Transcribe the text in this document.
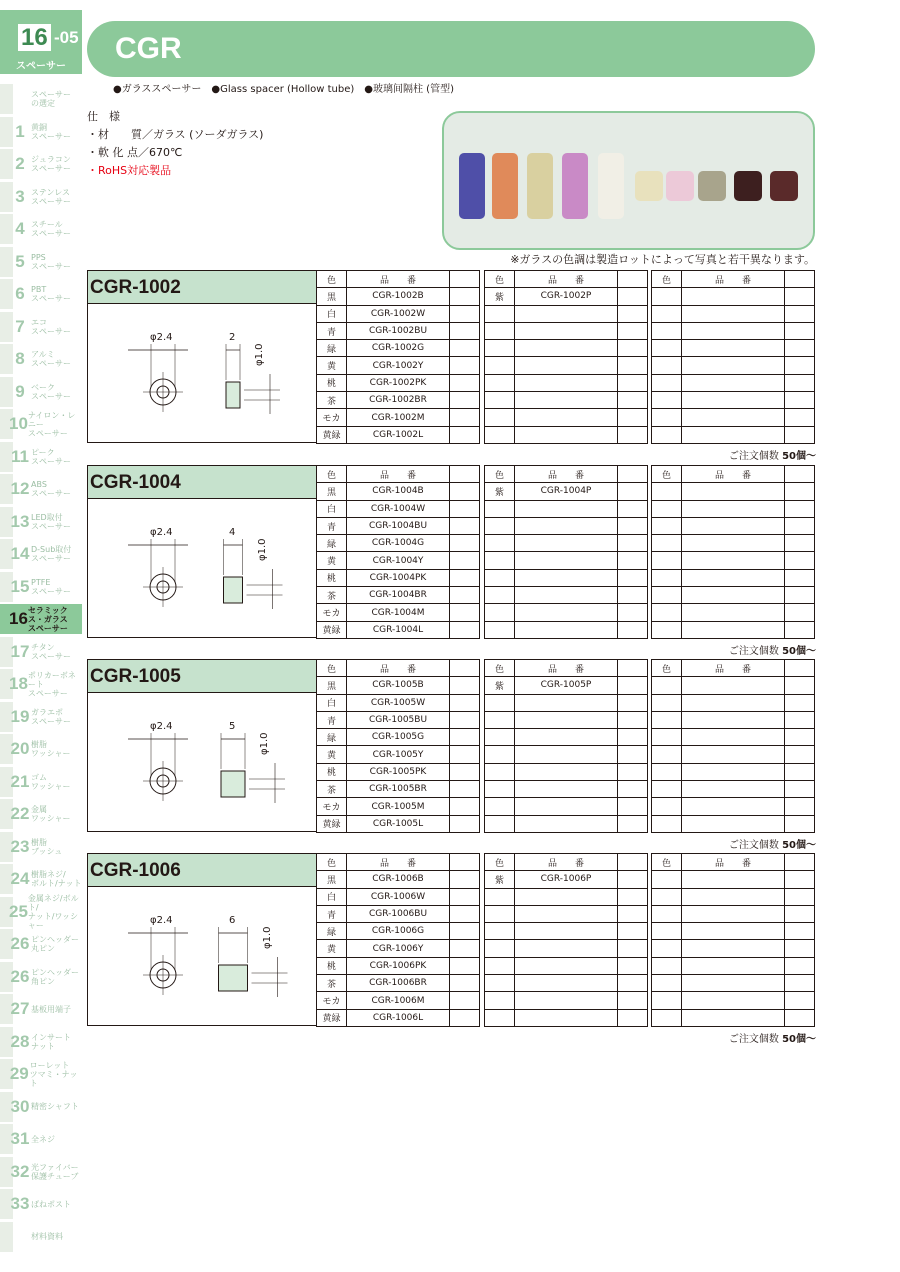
16 -05
スペーサー
スペーサー
の選定
1 黄銅
スペーサー
2 ジュラコン
スペーサー
3 ステンレス
スペーサー
4 スチール
スペーサー
5 PPS
スペーサー
6 PBT
スペーサー
7 エコ
スペーサー
8 アルミ
スペーサー
9 ベーク
スペーサー
10 ナイロン・レニー
スペーサー
11 ピーク
スペーサー
12 ABS
スペーサー
13 LED取付
スペーサー
14 D-Sub取付
スペーサー
15 PTFE
スペーサー
16 セラミックス・ガラス
スペーサー
17 チタン
スペーサー
18 ポリカーボネート
スペーサー
19 ガラエポ
スペーサー
20 樹脂
ワッシャー
21 ゴム
ワッシャー
22 金属
ワッシャー
23 樹脂
ブッシュ
24 樹脂ネジ/
ボルト/ナット
25
金属ネジ/ボルト/
ナット/ワッシャー
26 ピンヘッダー
丸ピン
26 ピンヘッダー
角ピン
27 基板用端子
28 インサート
ナット
29 ローレット
ツマミ・ナット
30 精密シャフト
31 全ネジ
32 光ファイバー
保護チューブ
33 ばねポスト
材料資料
CGR
●ガラススペーサー　●Glass spacer (Hollow tube)　●玻璃间隔柱 (管型)
仕　様
・材　　質／ガラス (ソーダガラス)
・軟 化 点／670℃
・RoHS対応製品
※ガラスの色調は製造ロットによって写真と若干異なります。
CGR-1002
φ2.4	2
φ1.0
色	品　　番	
黒	CGR-1002B	
白	CGR-1002W	
青	CGR-1002BU	
緑	CGR-1002G	
黄	CGR-1002Y	
桃	CGR-1002PK	
茶	CGR-1002BR	
モカ	CGR-1002M	
黄緑	CGR-1002L	
色	品　　番	
紫	CGR-1002P	

色	品　　番	

ご注文個数 50個〜
CGR-1004
φ2.4	4
φ1.0
色	品　　番	
黒	CGR-1004B	
白	CGR-1004W	
青	CGR-1004BU	
緑	CGR-1004G	
黄	CGR-1004Y	
桃	CGR-1004PK	
茶	CGR-1004BR	
モカ	CGR-1004M	
黄緑	CGR-1004L	
色	品　　番	
紫	CGR-1004P	

色	品　　番	

ご注文個数 50個〜
CGR-1005
φ2.4	5
φ1.0
色	品　　番	
黒	CGR-1005B	
白	CGR-1005W	
青	CGR-1005BU	
緑	CGR-1005G	
黄	CGR-1005Y	
桃	CGR-1005PK	
茶	CGR-1005BR	
モカ	CGR-1005M	
黄緑	CGR-1005L	
色	品　　番	
紫	CGR-1005P	

色	品　　番	

ご注文個数 50個〜
CGR-1006
φ2.4	6
φ1.0
色	品　　番	
黒	CGR-1006B	
白	CGR-1006W	
青	CGR-1006BU	
緑	CGR-1006G	
黄	CGR-1006Y	
桃	CGR-1006PK	
茶	CGR-1006BR	
モカ	CGR-1006M	
黄緑	CGR-1006L	
色	品　　番	
紫	CGR-1006P	

色	品　　番	

ご注文個数 50個〜
